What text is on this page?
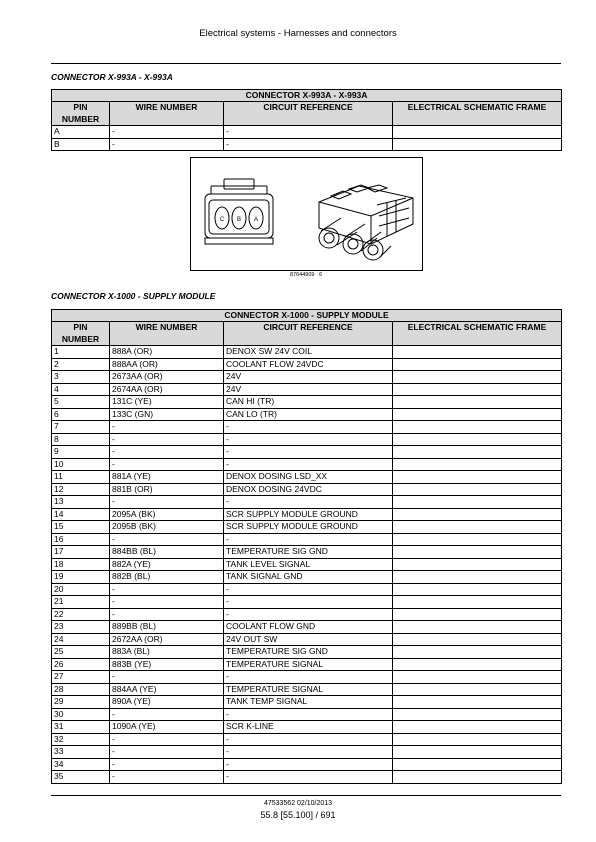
Electrical systems - Harnesses and connectors
CONNECTOR X-993A - X-993A
CONNECTOR X-993A - X-993A			
PIN NUMBER	WIRE NUMBER	CIRCUIT REFERENCE	ELECTRICAL SCHEMATIC FRAME
A	-	-	
B	-	-	
C B A
87644909 6
CONNECTOR X-1000 - SUPPLY MODULE
CONNECTOR X-1000 - SUPPLY MODULE			
PIN NUMBER	WIRE NUMBER	CIRCUIT REFERENCE	ELECTRICAL SCHEMATIC FRAME
1	888A (OR)	DENOX SW 24V COIL	
2	888AA (OR)	COOLANT FLOW 24VDC	
3	2673AA (OR)	24V	
4	2674AA (OR)	24V	
5	131C (YE)	CAN HI (TR)	
6	133C (GN)	CAN LO (TR)	
7	-	-	
8	-	-	
9	-	-	
10	-	-	
11	881A (YE)	DENOX DOSING LSD_XX	
12	881B (OR)	DENOX DOSING 24VDC	
13	-	-	
14	2095A (BK)	SCR SUPPLY MODULE GROUND	
15	2095B (BK)	SCR SUPPLY MODULE GROUND	
16	-	-	
17	884BB (BL)	TEMPERATURE SIG GND	
18	882A (YE)	TANK LEVEL SIGNAL	
19	882B (BL)	TANK SIGNAL GND	
20	-	-	
21	-	-	
22	-	-	
23	889BB (BL)	COOLANT FLOW GND	
24	2672AA (OR)	24V OUT SW	
25	883A (BL)	TEMPERATURE SIG GND	
26	883B (YE)	TEMPERATURE SIGNAL	
27	-	-	
28	884AA (YE)	TEMPERATURE SIGNAL	
29	890A (YE)	TANK TEMP SIGNAL	
30	-	-	
31	1090A (YE)	SCR K-LINE	
32	-	-	
33	-	-	
34	-	-	
35	-	-	
47533562 02/10/2013
55.8 [55.100] / 691
